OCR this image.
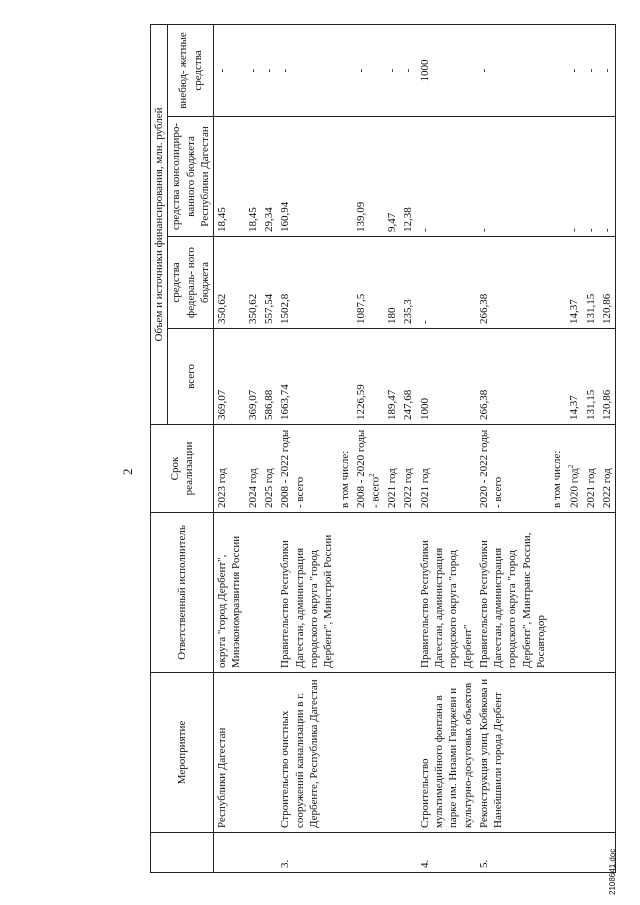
2
	Мероприятие	Ответственный исполнитель	Срок реализации	Объем и источники финансирования, млн. рублей			
				всего	средства федераль- ного бюджета	средства консолидиро- ванного бюджета Республики Дагестан	внебюд- жетные средства
	Республики Дагестан	округа "город Дербент", Минэкономразвития России	2023 год	369,07	350,62	18,45	-
			2024 год	369,07	350,62	18,45	-
			2025 год	586,88	557,54	29,34	-
3.	Строительство очистных сооружений канализации в г. Дербенте, Республика Дагестан	Правительство Республики Дагестан, администрация городского округа "город Дербент", Минстрой России	2008 - 2022 годы - всего	1663,74	1502,8	160,94	-
			в том числе:				
			2008 - 2020 годы - всего$^2$	1226,59	1087,5	139,09	-
			2021 год	189,47	180	9,47	-
			2022 год	247,68	235,3	12,38	-
4.	Строительство мультимедийного фонтана в парке им. Низами Гянджеви и культурно-досуговых объектов	Правительство Республики Дагестан, администрация городского округа "город Дербент"	2021 год	1000	-	-	1000
5.	Реконструкция улиц Кобякова и Нанейшвили города Дербент	Правительство Республики Дагестан, администрация городского округа "город Дербент", Минтранс России, Росавтодор	2020 - 2022 годы - всего	266,38	266,38	-	-
			в том числе:				
			2020 год$^2$	14,37	14,37	-	-
			2021 год	131,15	131,15	-	-
			2022 год	120,86	120,86	-	-
2108641.doc
